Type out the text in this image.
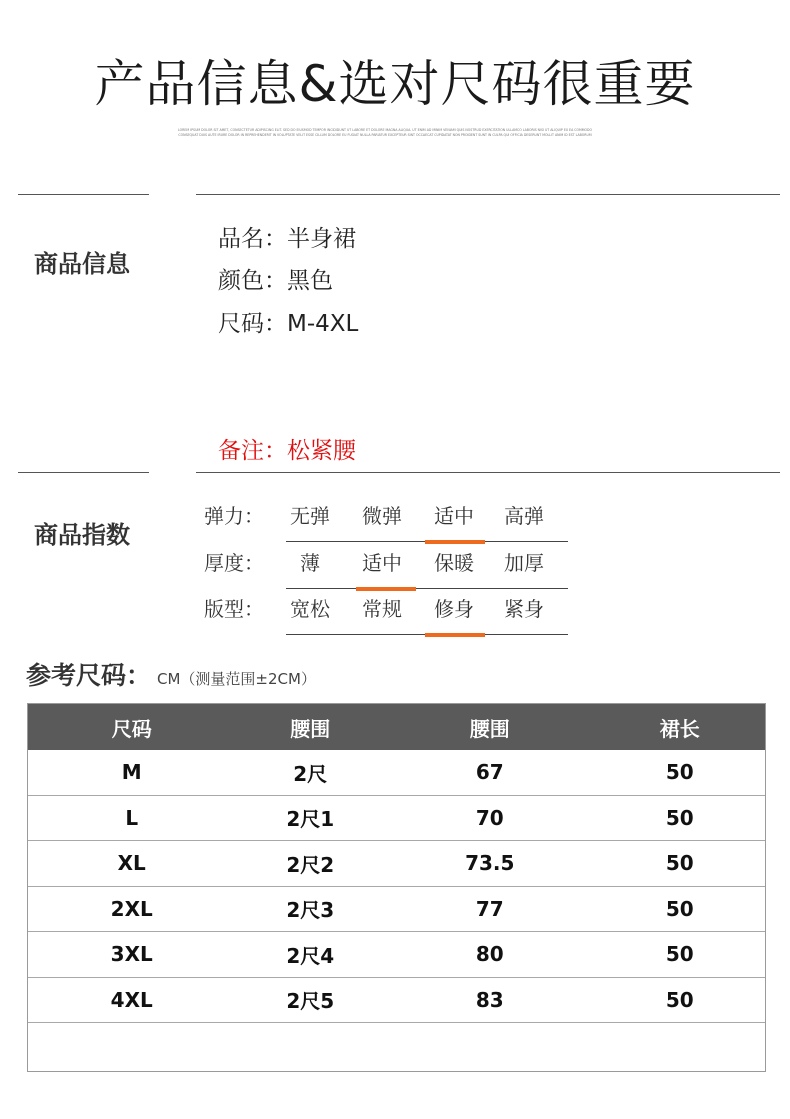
产品信息&选对尺码很重要
LOREM IPSUM DOLOR SIT AMET, CONSECTETUR ADIPISCING ELIT. SED DO EIUSMOD TEMPOR INCIDIDUNT UT LABORE ET DOLORE MAGNA ALIQUA. UT ENIM AD MINIM VENIAM QUIS NOSTRUD EXERCITATION ULLAMCO LABORIS NISI UT ALIQUIP EX EA COMMODO CONSEQUAT DUIS AUTE IRURE DOLOR IN REPREHENDERIT IN VOLUPTATE VELIT ESSE CILLUM DOLORE EU FUGIAT NULLA PARIATUR EXCEPTEUR SINT OCCAECAT CUPIDATAT NON PROIDENT SUNT IN CULPA QUI OFFICIA DESERUNT MOLLIT ANIM ID EST LABORUM
商品信息
品名：半身裙
颜色：黑色
尺码：M-4XL
备注：松紧腰
商品指数
弹力：	无弹	微弹	适中	高弹
厚度：	薄	适中	保暖	加厚
版型：	宽松	常规	修身	紧身
参考尺码： CM（测量范围±2CM）
尺码	腰围	腰围	裙长
M	2尺	67	50
L	2尺1	70	50
XL	2尺2	73.5	50
2XL	2尺3	77	50
3XL	2尺4	80	50
4XL	2尺5	83	50
